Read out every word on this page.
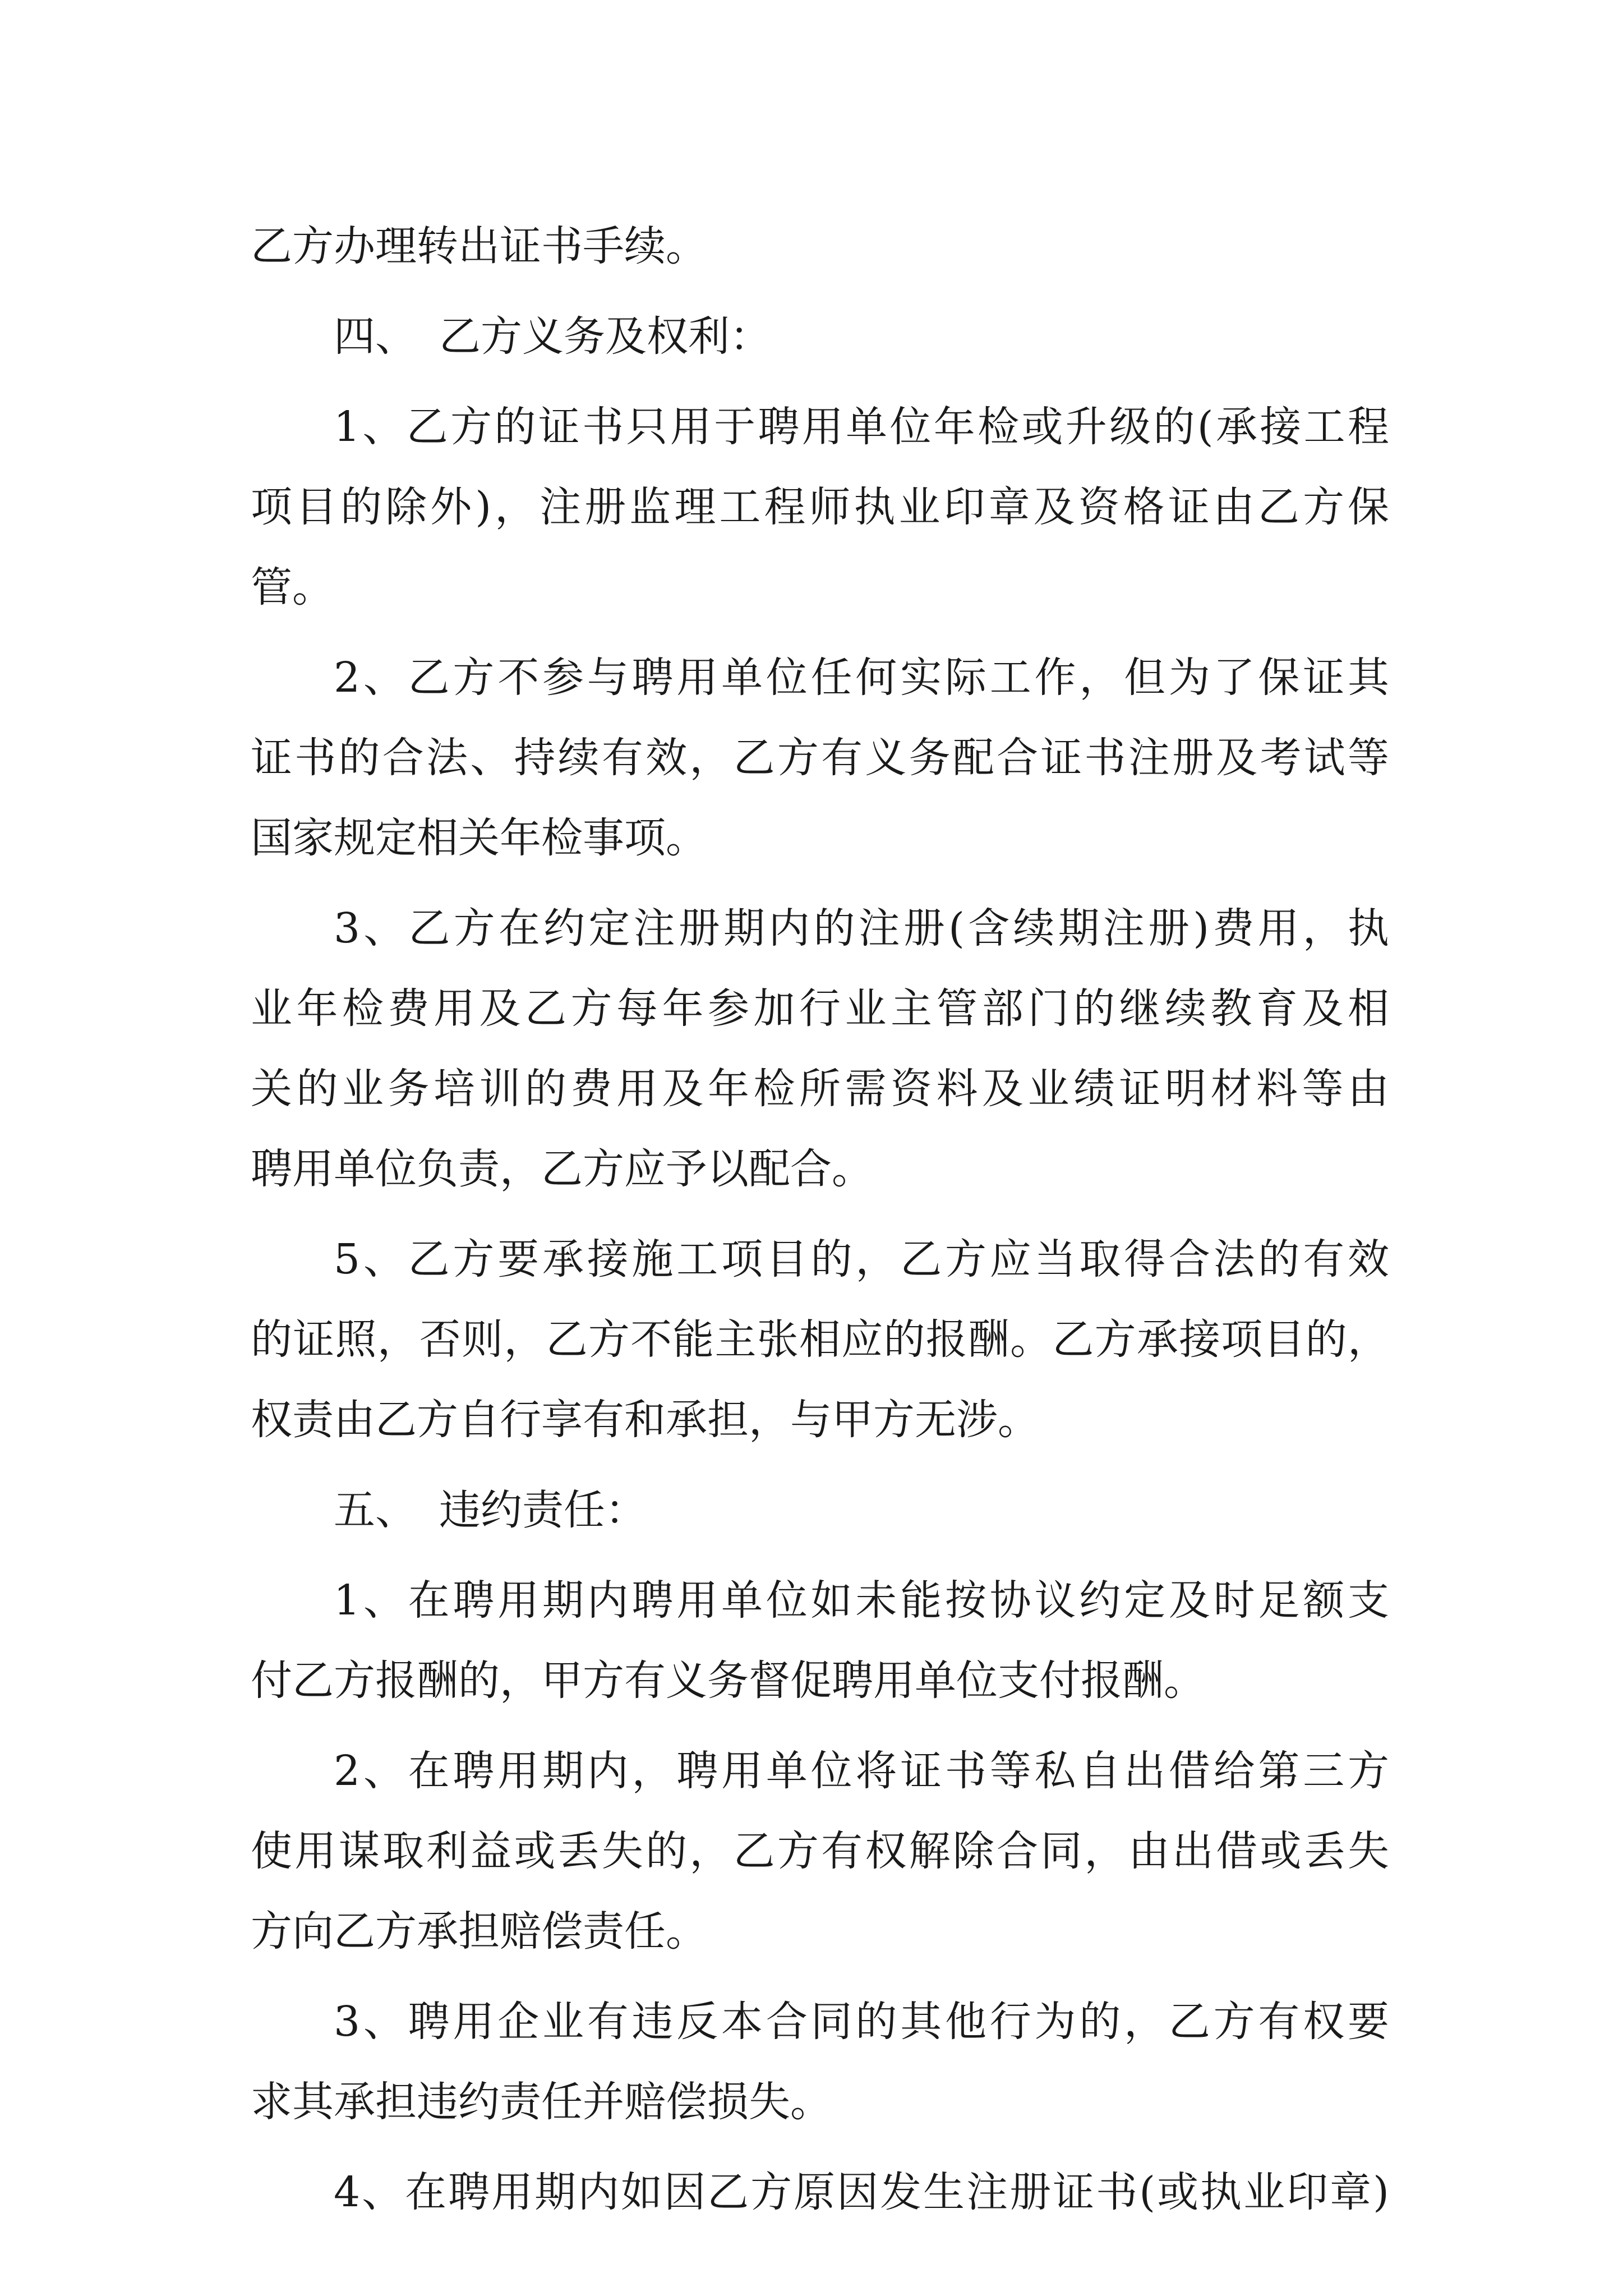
乙方办理转出证书手续。

四、 乙方义务及权利：

1、乙方的证书只用于聘用单位年检或升级的(承接工程
项目的除外)，注册监理工程师执业印章及资格证由乙方保
管。

2、乙方不参与聘用单位任何实际工作，但为了保证其
证书的合法、持续有效，乙方有义务配合证书注册及考试等
国家规定相关年检事项。

3、乙方在约定注册期内的注册(含续期注册)费用，执
业年检费用及乙方每年参加行业主管部门的继续教育及相
关的业务培训的费用及年检所需资料及业绩证明材料等由
聘用单位负责，乙方应予以配合。

5、乙方要承接施工项目的，乙方应当取得合法的有效
的证照，否则，乙方不能主张相应的报酬。乙方承接项目的，
权责由乙方自行享有和承担，与甲方无涉。

五、 违约责任：

1、在聘用期内聘用单位如未能按协议约定及时足额支
付乙方报酬的，甲方有义务督促聘用单位支付报酬。

2、在聘用期内，聘用单位将证书等私自出借给第三方
使用谋取利益或丢失的，乙方有权解除合同，由出借或丢失
方向乙方承担赔偿责任。

3、聘用企业有违反本合同的其他行为的，乙方有权要
求其承担违约责任并赔偿损失。

4、在聘用期内如因乙方原因发生注册证书(或执业印章)
